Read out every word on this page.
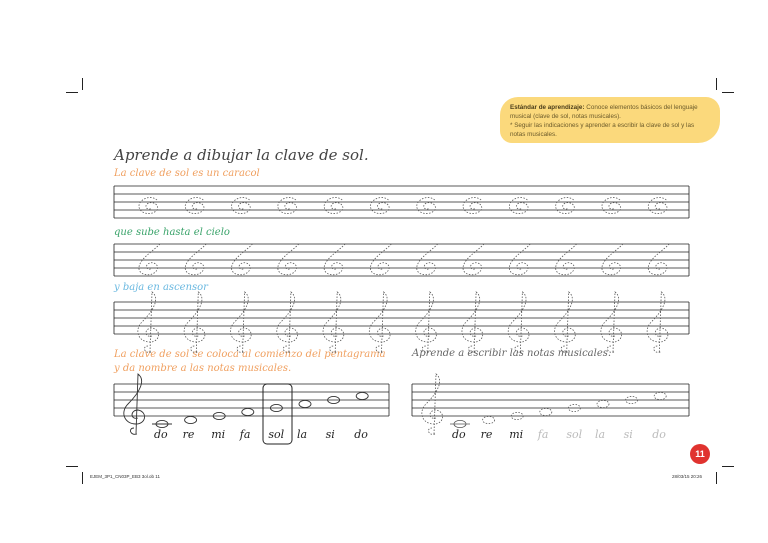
Estándar de aprendizaje: Conoce elementos básicos del lenguaje musical (clave de sol, notas musicales).
* Seguir las indicaciones y aprender a escribir la clave de sol y las notas musicales.
Aprende a dibujar la clave de sol.
La clave de sol es un caracol
que sube hasta el cielo
y baja en ascensor
La clave de sol se coloca al comienzo del pentagrama y da nombre a las notas musicales.
Aprende a escribir las notas musicales.
do re mi fa sol la si do	do re mi fa sol la si do
11
EJEM_3P1_CN03P_EB3 3ol.ob 11	28/03/15 20:26
